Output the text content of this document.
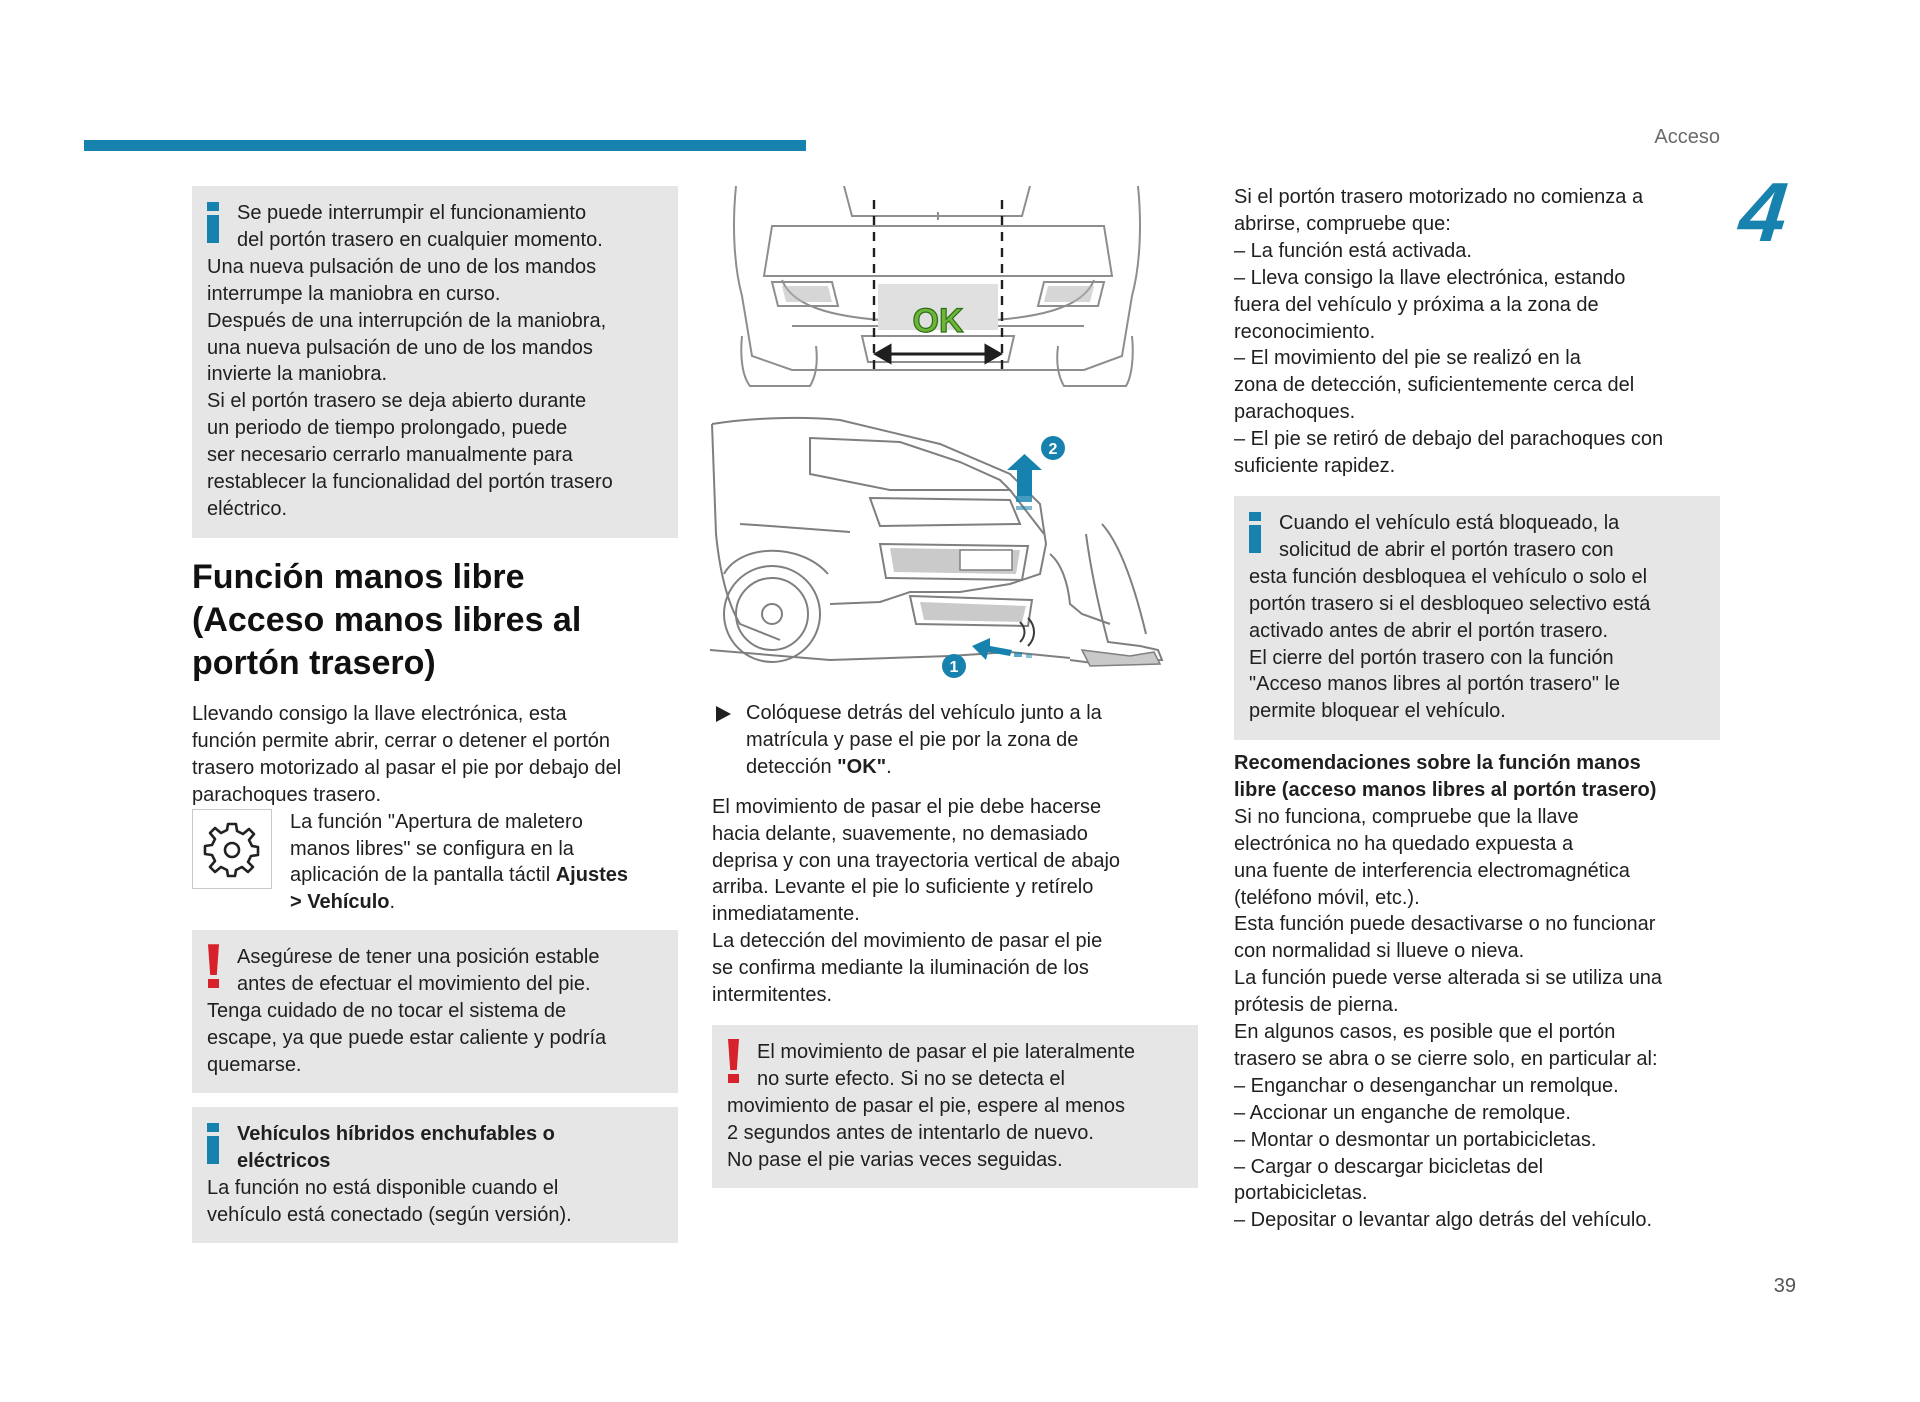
Acceso
4
Se puede interrumpir el funcionamiento
del portón trasero en cualquier momento.
Una nueva pulsación de uno de los mandos
interrumpe la maniobra en curso.
Después de una interrupción de la maniobra,
una nueva pulsación de uno de los mandos
invierte la maniobra.
Si el portón trasero se deja abierto durante
un periodo de tiempo prolongado, puede
ser necesario cerrarlo manualmente para
restablecer la funcionalidad del portón trasero
eléctrico.
Función manos libre
(Acceso manos libres al
portón trasero)
Llevando consigo la llave electrónica, esta
función permite abrir, cerrar o detener el portón
trasero motorizado al pasar el pie por debajo del
parachoques trasero.
La función "Apertura de maletero
manos libres" se configura en la
aplicación de la pantalla táctil Ajustes
> Vehículo.
Asegúrese de tener una posición estable
antes de efectuar el movimiento del pie.
Tenga cuidado de no tocar el sistema de
escape, ya que puede estar caliente y podría
quemarse.
Vehículos híbridos enchufables o
eléctricos
La función no está disponible cuando el
vehículo está conectado (según versión).
OK
2
1
Colóquese detrás del vehículo junto a la
matrícula y pase el pie por la zona de
detección "OK".
El movimiento de pasar el pie debe hacerse
hacia delante, suavemente, no demasiado
deprisa y con una trayectoria vertical de abajo
arriba. Levante el pie lo suficiente y retírelo
inmediatamente.
La detección del movimiento de pasar el pie
se confirma mediante la iluminación de los
intermitentes.
El movimiento de pasar el pie lateralmente
no surte efecto. Si no se detecta el
movimiento de pasar el pie, espere al menos
2 segundos antes de intentarlo de nuevo.
No pase el pie varias veces seguidas.
Si el portón trasero motorizado no comienza a
abrirse, compruebe que:
– La función está activada.
– Lleva consigo la llave electrónica, estando
fuera del vehículo y próxima a la zona de
reconocimiento.
– El movimiento del pie se realizó en la
zona de detección, suficientemente cerca del
parachoques.
– El pie se retiró de debajo del parachoques con
suficiente rapidez.
Cuando el vehículo está bloqueado, la
solicitud de abrir el portón trasero con
esta función desbloquea el vehículo o solo el
portón trasero si el desbloqueo selectivo está
activado antes de abrir el portón trasero.
El cierre del portón trasero con la función
"Acceso manos libres al portón trasero" le
permite bloquear el vehículo.
Recomendaciones sobre la función manos
libre (acceso manos libres al portón trasero)
Si no funciona, compruebe que la llave
electrónica no ha quedado expuesta a
una fuente de interferencia electromagnética
(teléfono móvil, etc.).
Esta función puede desactivarse o no funcionar
con normalidad si llueve o nieva.
La función puede verse alterada si se utiliza una
prótesis de pierna.
En algunos casos, es posible que el portón
trasero se abra o se cierre solo, en particular al:
– Enganchar o desenganchar un remolque.
– Accionar un enganche de remolque.
– Montar o desmontar un portabicicletas.
– Cargar o descargar bicicletas del
portabicicletas.
– Depositar o levantar algo detrás del vehículo.
39
